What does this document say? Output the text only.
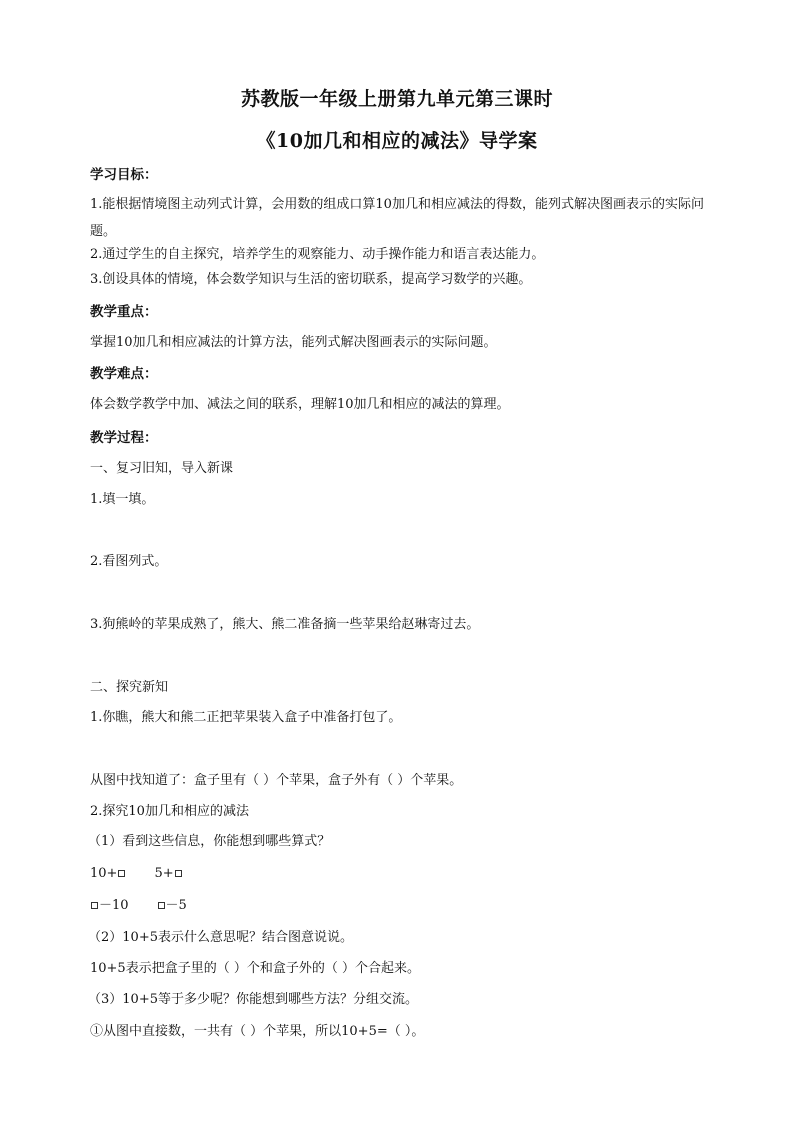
苏教版一年级上册第九单元第三课时
《10加几和相应的减法》导学案
学习目标：
1.能根据情境图主动列式计算，会用数的组成口算10加几和相应减法的得数，能列式解决图画表示的实际问题。
2.通过学生的自主探究，培养学生的观察能力、动手操作能力和语言表达能力。
3.创设具体的情境，体会数学知识与生活的密切联系，提高学习数学的兴趣。
教学重点：
掌握10加几和相应减法的计算方法，能列式解决图画表示的实际问题。
教学难点：
体会数学教学中加、减法之间的联系，理解10加几和相应的减法的算理。
教学过程：
一、复习旧知，导入新课
1.填一填。
2.看图列式。
3.狗熊岭的苹果成熟了，熊大、熊二准备摘一些苹果给赵琳寄过去。
二、探究新知
1.你瞧，熊大和熊二正把苹果装入盒子中准备打包了。
从图中找知道了：盒子里有（ ）个苹果，盒子外有（ ）个苹果。
2.探究10加几和相应的减法
（1）看到这些信息，你能想到哪些算式？
10+	5+
－10	－5
（2）10+5表示什么意思呢？结合图意说说。
10+5表示把盒子里的（ ）个和盒子外的（ ）个合起来。
（3）10+5等于多少呢？你能想到哪些方法？分组交流。
①从图中直接数，一共有（ ）个苹果，所以10+5=（ ）。
